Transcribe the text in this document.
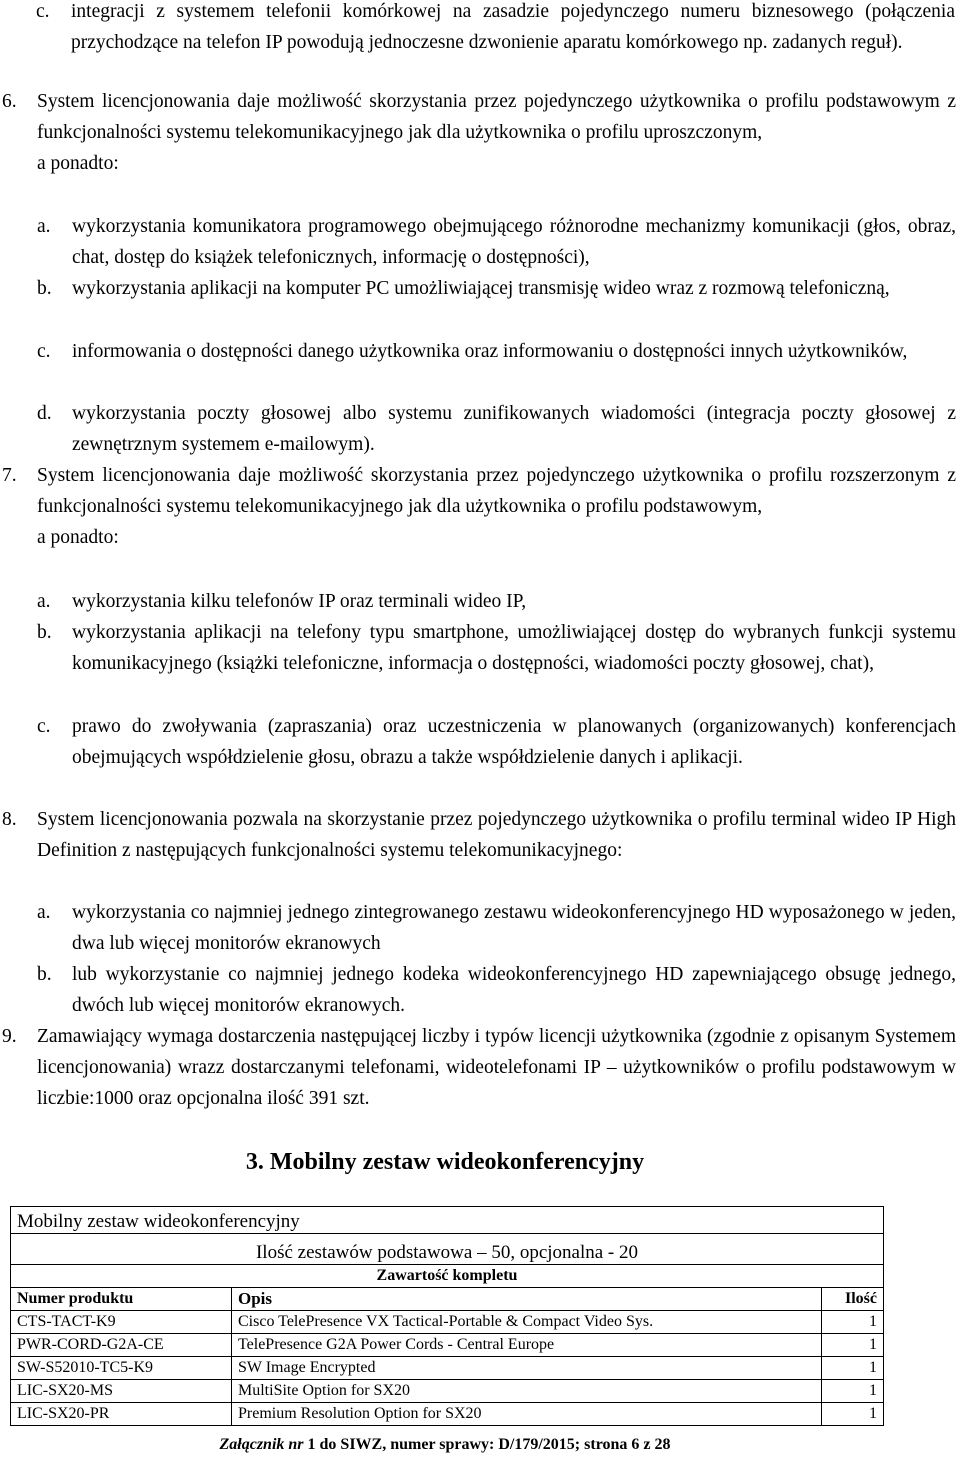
c. integracji z systemem telefonii komórkowej na zasadzie pojedynczego numeru biznesowego (połączenia przychodzące na telefon IP powodują jednoczesne dzwonienie aparatu komórkowego np. zadanych reguł).
6. System licencjonowania daje możliwość skorzystania przez pojedynczego użytkownika o profilu podstawowym z funkcjonalności systemu telekomunikacyjnego jak dla użytkownika o profilu uproszczonym,
a ponadto:
a. wykorzystania komunikatora programowego obejmującego różnorodne mechanizmy komunikacji (głos, obraz, chat, dostęp do książek telefonicznych, informację o dostępności),
b. wykorzystania aplikacji na komputer PC umożliwiającej transmisję wideo wraz z rozmową telefoniczną,
c. informowania o dostępności danego użytkownika oraz informowaniu o dostępności innych użytkowników,
d. wykorzystania poczty głosowej albo systemu zunifikowanych wiadomości (integracja poczty głosowej z zewnętrznym systemem e-mailowym).
7. System licencjonowania daje możliwość skorzystania przez pojedynczego użytkownika o profilu rozszerzonym z funkcjonalności systemu telekomunikacyjnego jak dla użytkownika o profilu podstawowym,
a ponadto:
a. wykorzystania kilku telefonów IP oraz terminali wideo IP,
b. wykorzystania aplikacji na telefony typu smartphone, umożliwiającej dostęp do wybranych funkcji systemu komunikacyjnego (książki telefoniczne, informacja o dostępności, wiadomości poczty głosowej, chat),
c. prawo do zwoływania (zapraszania) oraz uczestniczenia w planowanych (organizowanych) konferencjach obejmujących współdzielenie głosu, obrazu a także współdzielenie danych i aplikacji.
8. System licencjonowania pozwala na skorzystanie przez pojedynczego użytkownika o profilu terminal wideo IP High Definition z następujących funkcjonalności systemu telekomunikacyjnego:
a. wykorzystania co najmniej jednego zintegrowanego zestawu wideokonferencyjnego HD wyposażonego w jeden, dwa lub więcej monitorów ekranowych
b. lub wykorzystanie co najmniej jednego kodeka wideokonferencyjnego HD zapewniającego obsugę jednego, dwóch lub więcej monitorów ekranowych.
9. Zamawiający wymaga dostarczenia następującej liczby i typów licencji użytkownika (zgodnie z opisanym Systemem licencjonowania) wrazz dostarczanymi telefonami, wideotelefonami IP – użytkowników o profilu podstawowym w liczbie:1000 oraz opcjonalna ilość 391 szt.
3. Mobilny zestaw wideokonferencyjny
Mobilny zestaw wideokonferencyjny		
Ilość zestawów podstawowa – 50, opcjonalna - 20		
Zawartość kompletu		
Numer produktu	Opis	Ilość
CTS-TACT-K9	Cisco TelePresence VX Tactical-Portable & Compact Video Sys.	1
PWR-CORD-G2A-CE	TelePresence G2A Power Cords - Central Europe	1
SW-S52010-TC5-K9	SW Image Encrypted	1
LIC-SX20-MS	MultiSite Option for SX20	1
LIC-SX20-PR	Premium Resolution Option for SX20	1
Załącznik nr 1 do SIWZ, numer sprawy: D/179/2015; strona 6 z 28
